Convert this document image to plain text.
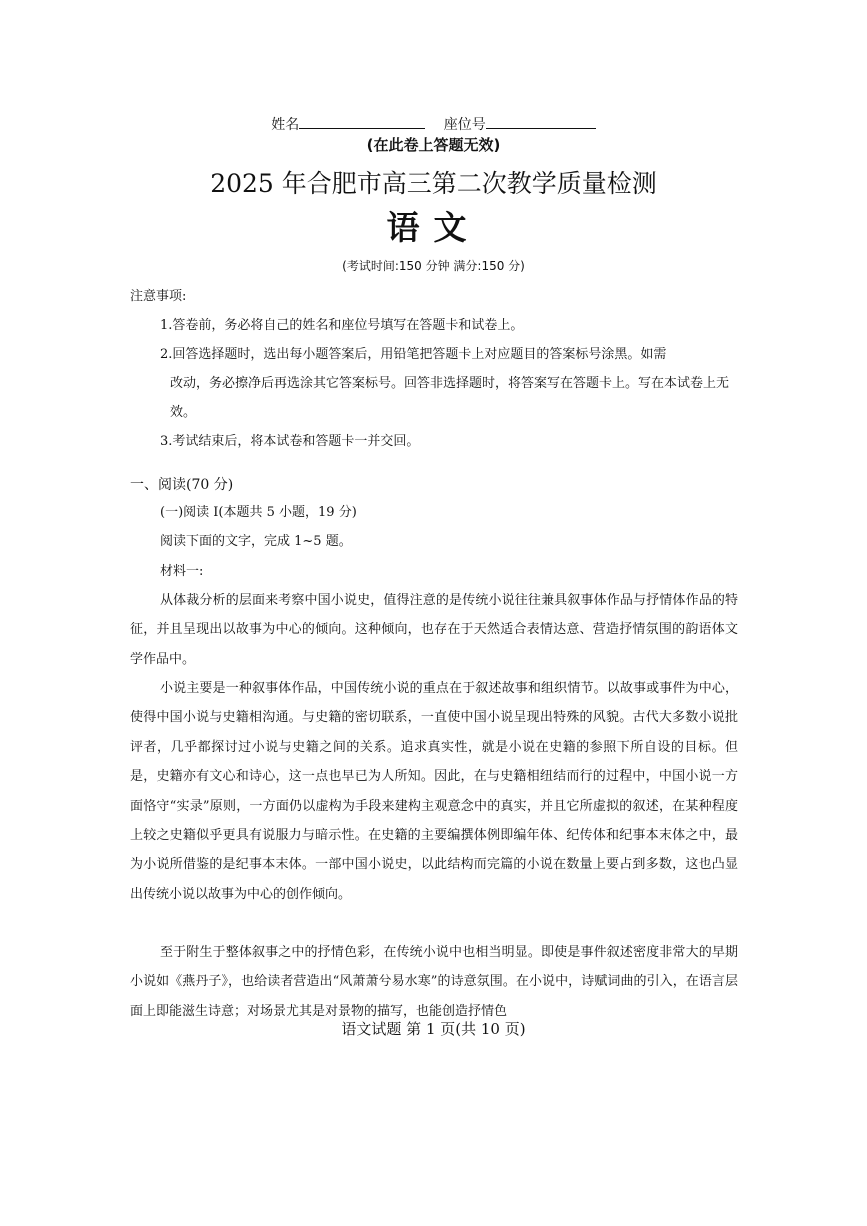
姓名	座位号
(在此卷上答题无效)
2025 年合肥市高三第二次教学质量检测
语文
(考试时间:150 分钟 满分:150 分)
注意事项:
1.答卷前，务必将自己的姓名和座位号填写在答题卡和试卷上。
2.回答选择题时，选出每小题答案后，用铅笔把答题卡上对应题目的答案标号涂黑。如需
改动，务必擦净后再选涂其它答案标号。回答非选择题时，将答案写在答题卡上。写在本试卷上无效。
3.考试结束后，将本试卷和答题卡一并交回。
一、阅读(70 分)
(一)阅读 I(本题共 5 小题，19 分)
阅读下面的文字，完成 1~5 题。
材料一:
从体裁分析的层面来考察中国小说史，值得注意的是传统小说往往兼具叙事体作品与抒情体作品的特征，并且呈现出以故事为中心的倾向。这种倾向，也存在于天然适合表情达意、营造抒情氛围的韵语体文学作品中。
小说主要是一种叙事体作品，中国传统小说的重点在于叙述故事和组织情节。以故事或事件为中心，使得中国小说与史籍相沟通。与史籍的密切联系，一直使中国小说呈现出特殊的风貌。古代大多数小说批评者，几乎都探讨过小说与史籍之间的关系。追求真实性，就是小说在史籍的参照下所自设的目标。但是，史籍亦有文心和诗心，这一点也早已为人所知。因此，在与史籍相纽结而行的过程中，中国小说一方面恪守“实录”原则，一方面仍以虚构为手段来建构主观意念中的真实，并且它所虚拟的叙述，在某种程度上较之史籍似乎更具有说服力与暗示性。在史籍的主要编撰体例即编年体、纪传体和纪事本末体之中，最为小说所借鉴的是纪事本末体。一部中国小说史，以此结构而完篇的小说在数量上要占到多数，这也凸显出传统小说以故事为中心的创作倾向。
至于附生于整体叙事之中的抒情色彩，在传统小说中也相当明显。即使是事件叙述密度非常大的早期小说如《燕丹子》，也给读者营造出“风萧萧兮易水寒”的诗意氛围。在小说中，诗赋词曲的引入，在语言层面上即能滋生诗意；对场景尤其是对景物的描写，也能创造抒情色
语文试题 第 1 页(共 10 页)
